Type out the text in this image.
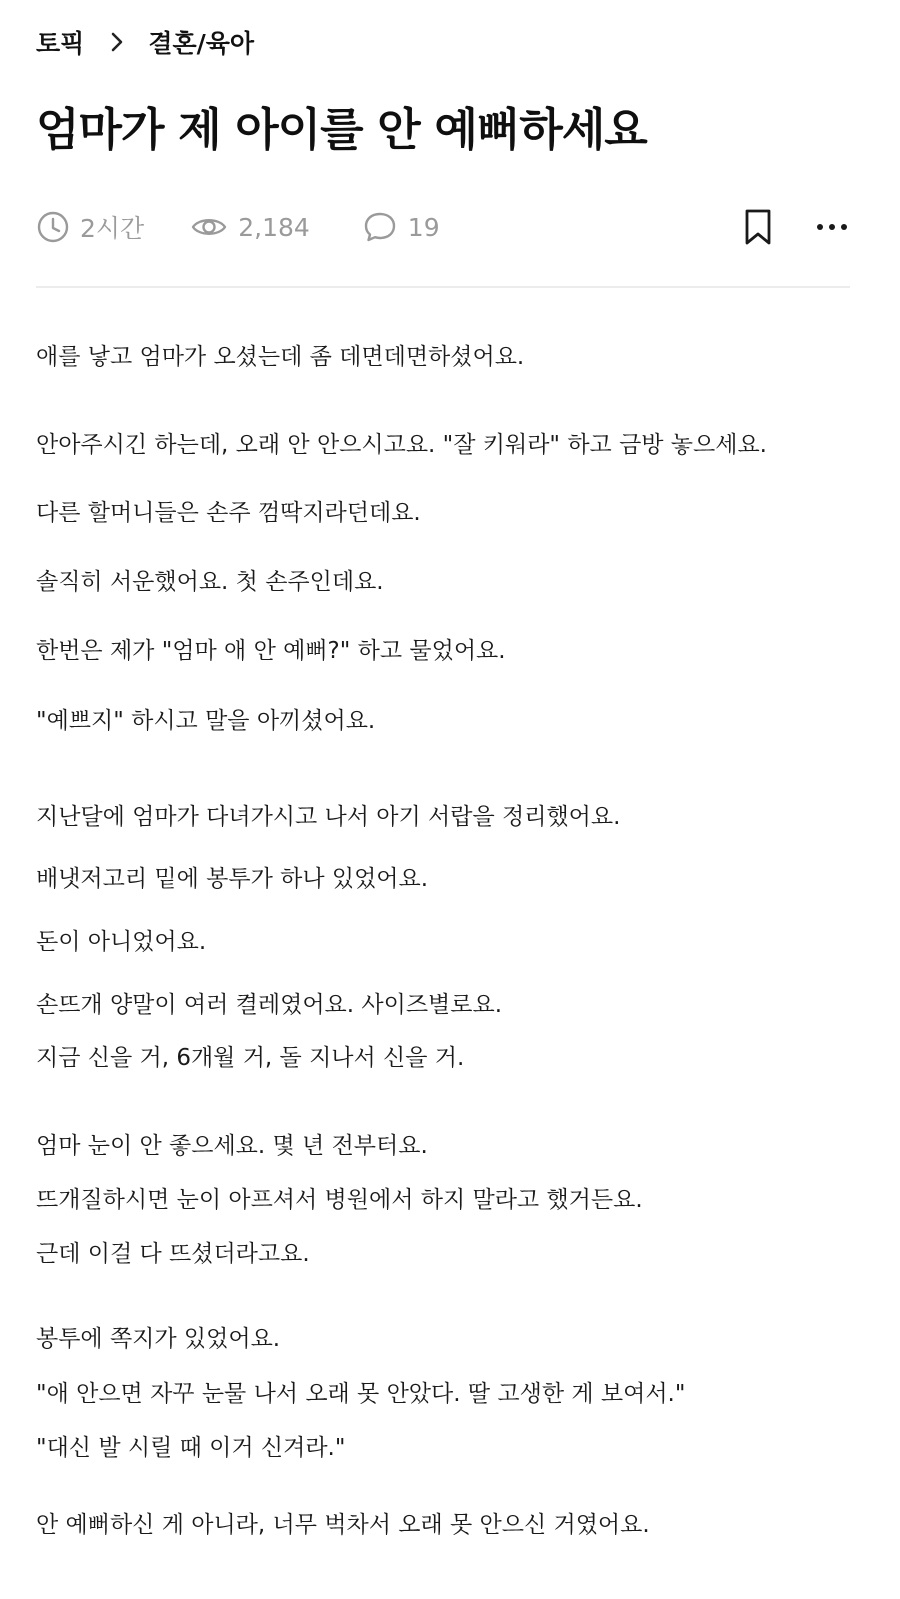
토픽	결혼/육아
엄마가 제 아이를 안 예뻐하세요
2시간	2,184	19
애를 낳고 엄마가 오셨는데 좀 데면데면하셨어요.
안아주시긴 하는데, 오래 안 안으시고요. "잘 키워라" 하고 금방 놓으세요.
다른 할머니들은 손주 껌딱지라던데요.
솔직히 서운했어요. 첫 손주인데요.
한번은 제가 "엄마 애 안 예뻐?" 하고 물었어요.
"예쁘지" 하시고 말을 아끼셨어요.
지난달에 엄마가 다녀가시고 나서 아기 서랍을 정리했어요.
배냇저고리 밑에 봉투가 하나 있었어요.
돈이 아니었어요.
손뜨개 양말이 여러 켤레였어요. 사이즈별로요.
지금 신을 거, 6개월 거, 돌 지나서 신을 거.
엄마 눈이 안 좋으세요. 몇 년 전부터요.
뜨개질하시면 눈이 아프셔서 병원에서 하지 말라고 했거든요.
근데 이걸 다 뜨셨더라고요.
봉투에 쪽지가 있었어요.
"애 안으면 자꾸 눈물 나서 오래 못 안았다. 딸 고생한 게 보여서."
"대신 발 시릴 때 이거 신겨라."
안 예뻐하신 게 아니라, 너무 벅차서 오래 못 안으신 거였어요.
